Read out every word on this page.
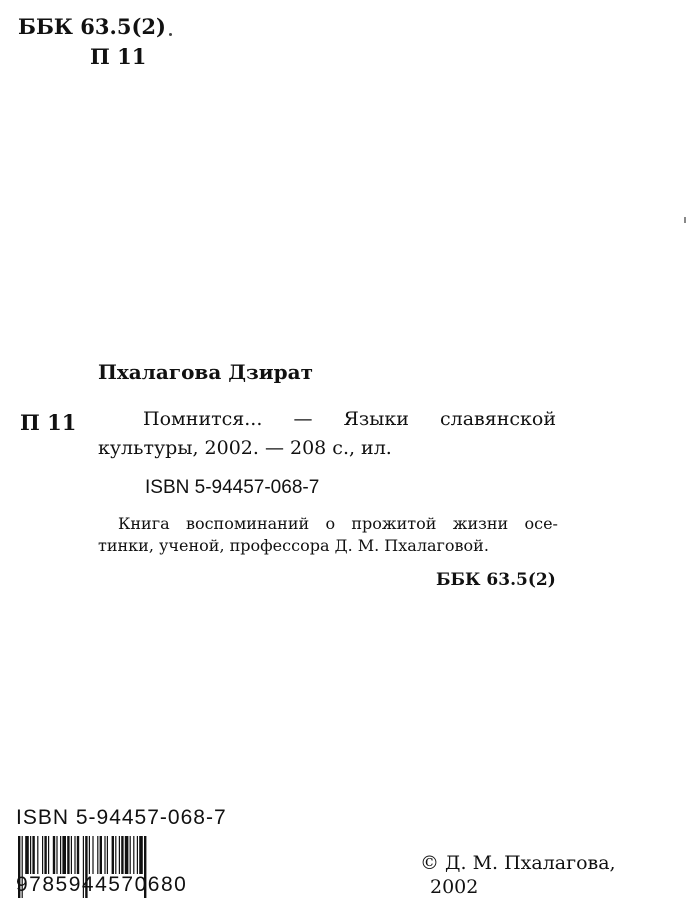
ББК 63.5(2)
П 11
Пхалагова Дзират
П 11	Помнится... — Языки славянской
культуры, 2002. — 208 с., ил.
ISBN 5-94457-068-7
Книга воспоминаний о прожитой жизни осе-
тинки, ученой, профессора Д. М. Пхалаговой.
ББК 63.5(2)
ISBN 5-94457-068-7
9785944570680
© Д. М. Пхалагова,
2002
